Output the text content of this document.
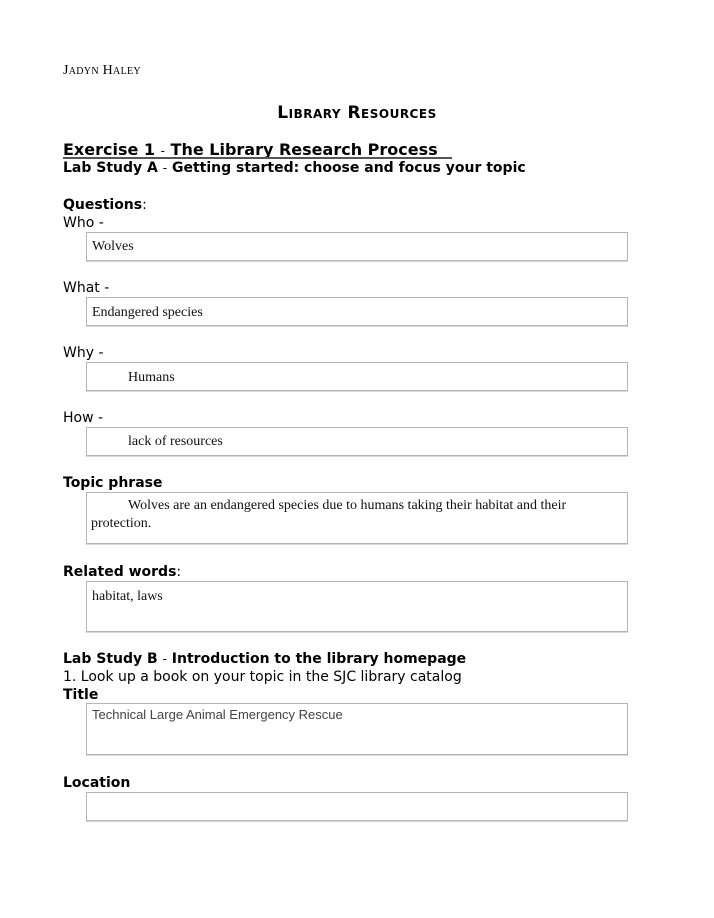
Jadyn Haley
Library Resources
Exercise 1 - The Library Research Process
Lab Study A - Getting started: choose and focus your topic
Questions:
Who -
Wolves
What -
Endangered species
Why -
Humans
How -
lack of resources
Topic phrase
Wolves are an endangered species due to humans taking their habitat and their protection.
Related words:
habitat, laws
Lab Study B - Introduction to the library homepage
1. Look up a book on your topic in the SJC library catalog
Title
Technical Large Animal Emergency Rescue
Location
